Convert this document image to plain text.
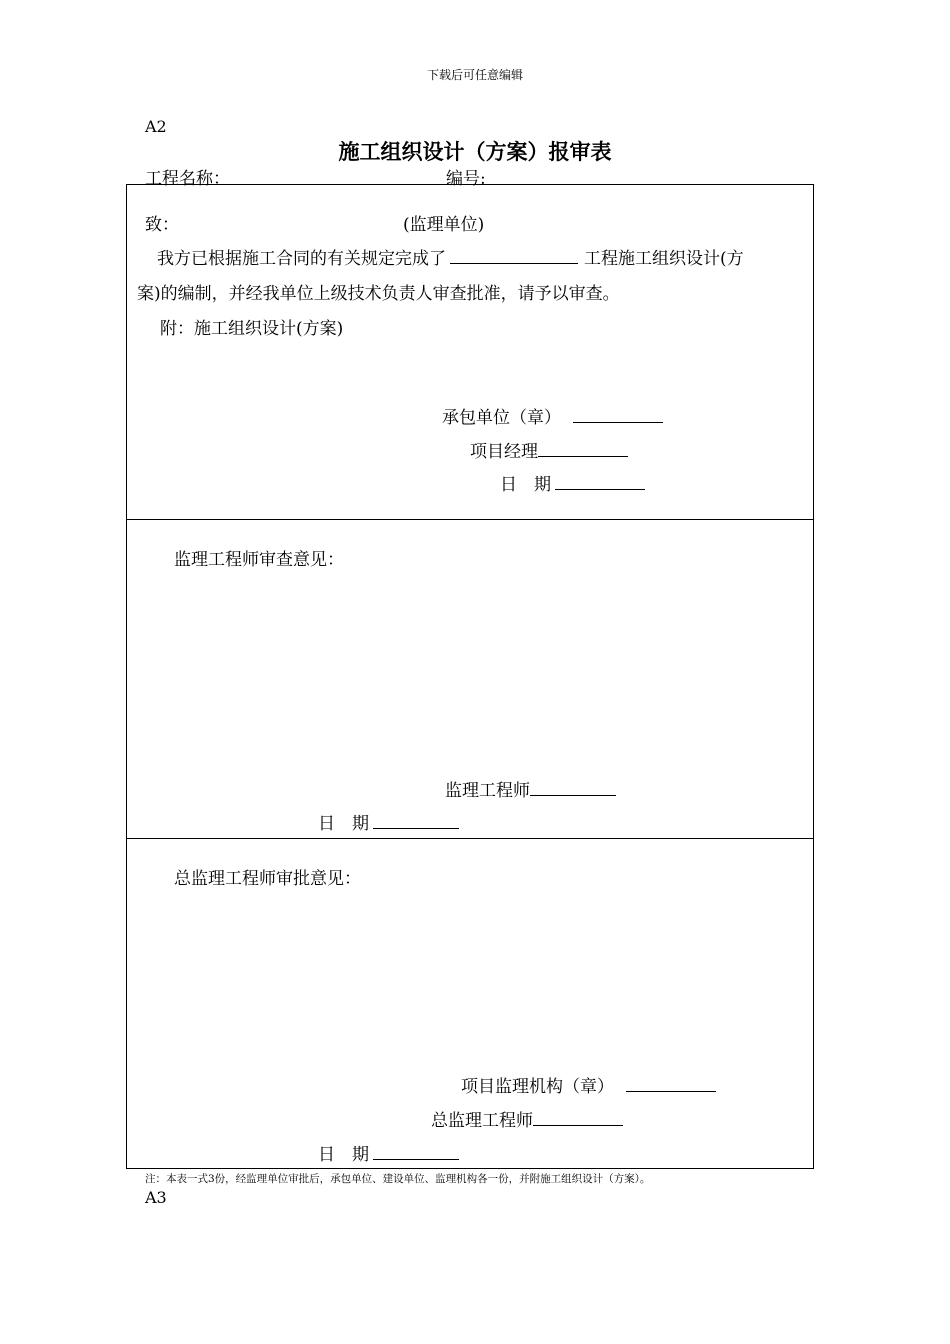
下载后可任意编辑
A2
施工组织设计（方案）报审表
工程名称：	编号:
致：	(监理单位)
我方已根据施工合同的有关规定完成了	工程施工组织设计(方
案)的编制，并经我单位上级技术负责人审查批准，请予以审查。
附：施工组织设计(方案)
承包单位（章）
项目经理
日　期
监理工程师审查意见：
监理工程师
日　期
总监理工程师审批意见：
项目监理机构（章）
总监理工程师
日　期
注：本表一式3份，经监理单位审批后，承包单位、建设单位、监理机构各一份，并附施工组织设计（方案）。
A3
